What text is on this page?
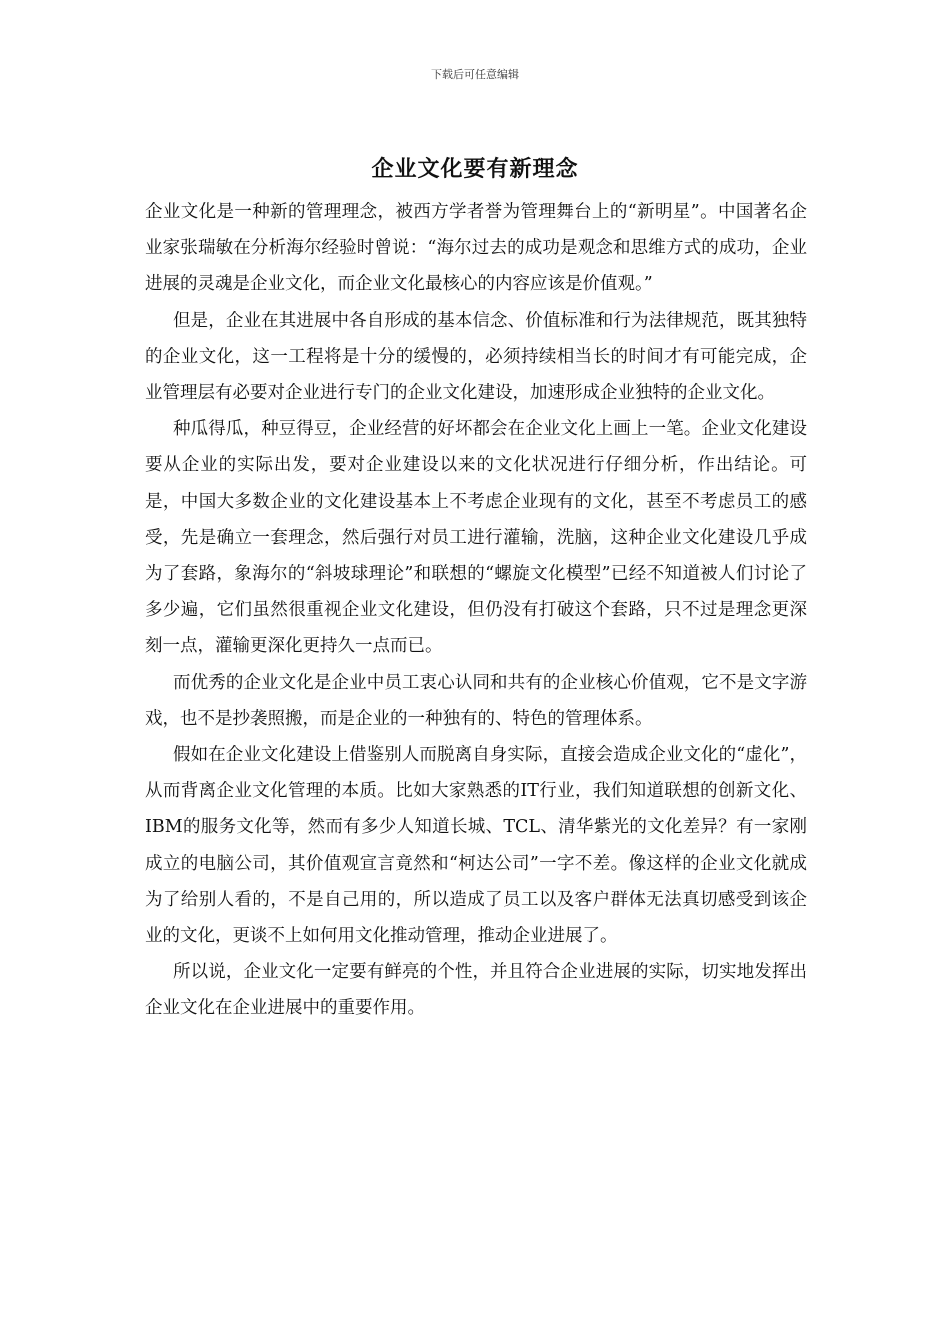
下载后可任意编辑
企业文化要有新理念

企业文化是一种新的管理理念，被西方学者誉为管理舞台上的“新明星”。中国著名企业家张瑞敏在分析海尔经验时曾说：“海尔过去的成功是观念和思维方式的成功，企业进展的灵魂是企业文化，而企业文化最核心的内容应该是价值观。”

但是，企业在其进展中各自形成的基本信念、价值标准和行为法律规范，既其独特的企业文化，这一工程将是十分的缓慢的，必须持续相当长的时间才有可能完成，企业管理层有必要对企业进行专门的企业文化建设，加速形成企业独特的企业文化。

种瓜得瓜，种豆得豆，企业经营的好坏都会在企业文化上画上一笔。企业文化建设要从企业的实际出发，要对企业建设以来的文化状况进行仔细分析，作出结论。可是，中国大多数企业的文化建设基本上不考虑企业现有的文化，甚至不考虑员工的感受，先是确立一套理念，然后强行对员工进行灌输，洗脑，这种企业文化建设几乎成为了套路，象海尔的“斜坡球理论”和联想的“螺旋文化模型”已经不知道被人们讨论了多少遍，它们虽然很重视企业文化建设，但仍没有打破这个套路，只不过是理念更深刻一点，灌输更深化更持久一点而已。

而优秀的企业文化是企业中员工衷心认同和共有的企业核心价值观，它不是文字游戏，也不是抄袭照搬，而是企业的一种独有的、特色的管理体系。

假如在企业文化建设上借鉴别人而脱离自身实际，直接会造成企业文化的“虚化”，从而背离企业文化管理的本质。比如大家熟悉的IT行业，我们知道联想的创新文化、IBM的服务文化等，然而有多少人知道长城、TCL、清华紫光的文化差异？有一家刚成立的电脑公司，其价值观宣言竟然和“柯达公司”一字不差。像这样的企业文化就成为了给别人看的，不是自己用的，所以造成了员工以及客户群体无法真切感受到该企业的文化，更谈不上如何用文化推动管理，推动企业进展了。

所以说，企业文化一定要有鲜亮的个性，并且符合企业进展的实际，切实地发挥出企业文化在企业进展中的重要作用。
